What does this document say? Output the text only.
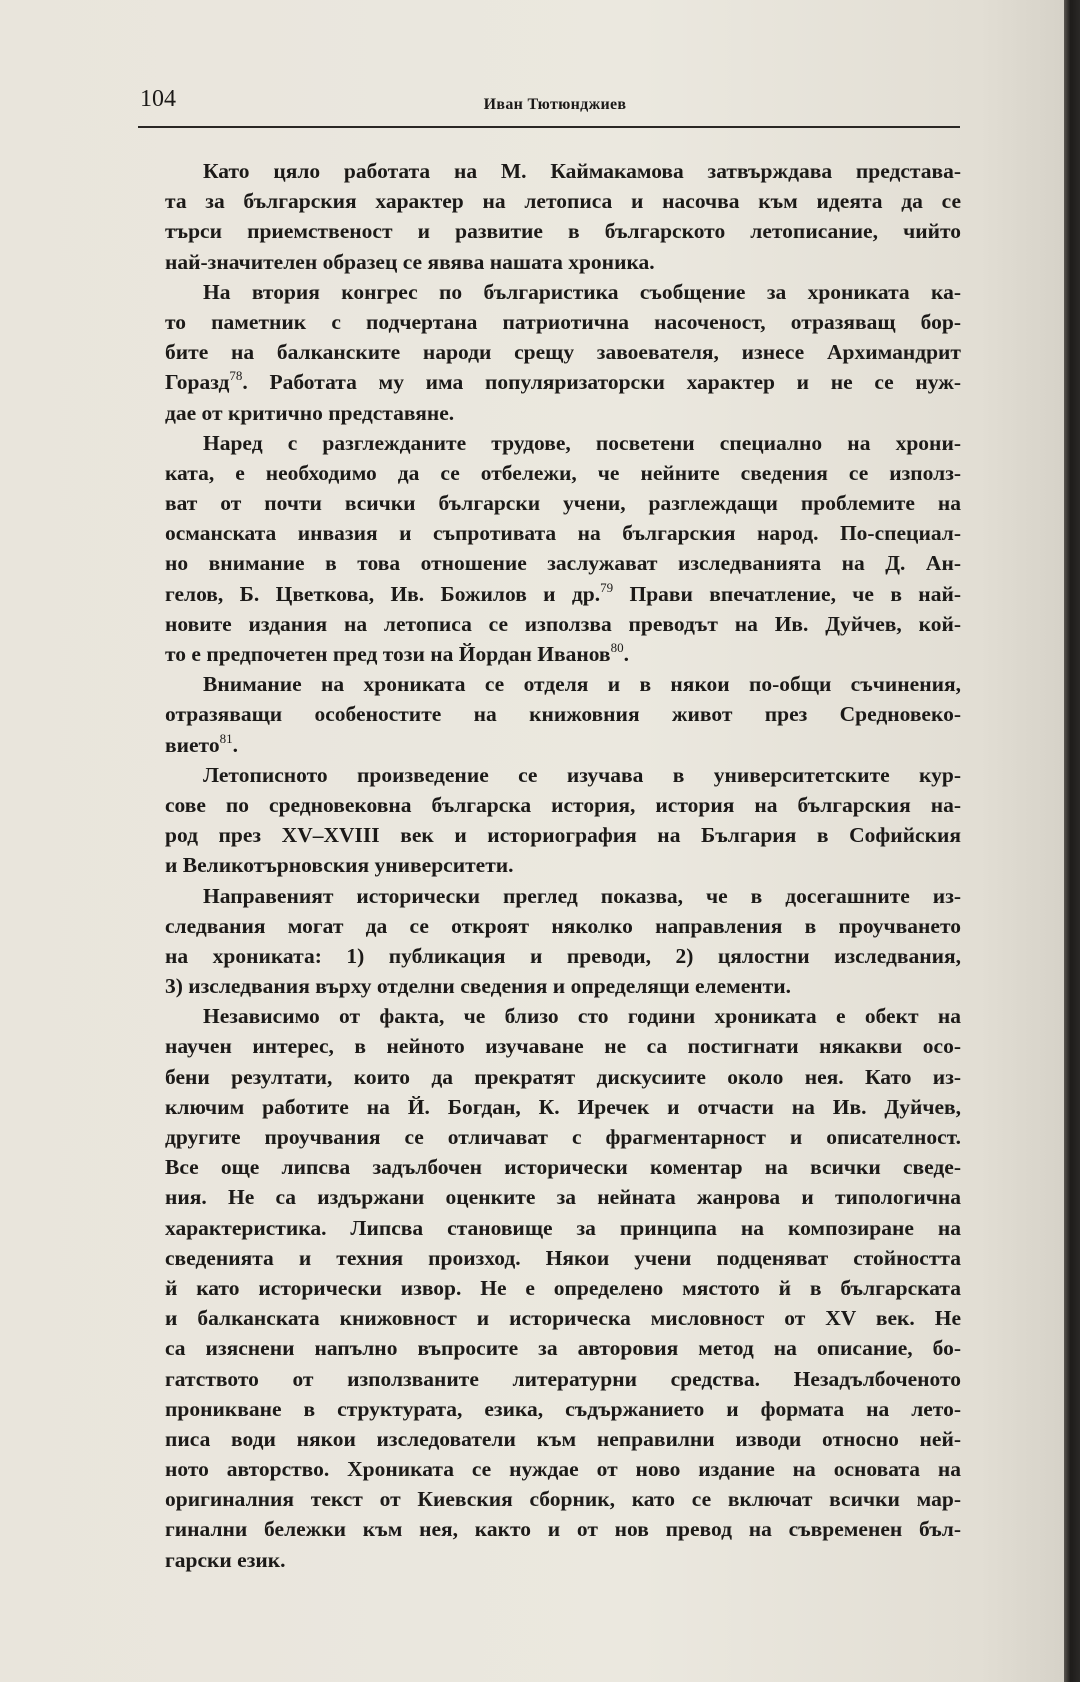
104	Иван Тютюнджиев
Като цяло работата на М. Каймакамова затвърждава представа-
та за българския характер на летописа и насочва към идеята да се
търси приемственост и развитие в българското летописание, чийто
най-значителен образец се явява нашата хроника.
На втория конгрес по българистика съобщение за хрониката ка-
то паметник с подчертана патриотична насоченост, отразяващ бор-
бите на балканските народи срещу завоевателя, изнесе Архимандрит
Горазд$^{78}$. Работата му има популяризаторски характер и не се нуж-
дае от критично представяне.
Наред с разглежданите трудове, посветени специално на хрони-
ката, е необходимо да се отбележи, че нейните сведения се използ-
ват от почти всички български учени, разглеждащи проблемите на
османската инвазия и съпротивата на българския народ. По-специал-
но внимание в това отношение заслужават изследванията на Д. Ан-
гелов, Б. Цветкова, Ив. Божилов и др.$^{79}$ Прави впечатление, че в най-
новите издания на летописа се използва преводът на Ив. Дуйчев, кой-
то е предпочетен пред този на Йордан Иванов$^{80}$.
Внимание на хрониката се отделя и в някои по-общи съчинения,
отразяващи особеностите на книжовния живот през Средновеко-
вието$^{81}$.
Летописното произведение се изучава в университетските кур-
сове по средновековна българска история, история на българския на-
род през XV–XVIII век и историография на България в Софийския
и Великотърновския университети.
Направеният исторически преглед показва, че в досегашните из-
следвания могат да се откроят няколко направления в проучването
на хрониката: 1) публикация и преводи, 2) цялостни изследвания,
3) изследвания върху отделни сведения и определящи елементи.
Независимо от факта, че близо сто години хрониката е обект на
научен интерес, в нейното изучаване не са постигнати някакви осо-
бени резултати, които да прекратят дискусиите около нея. Като из-
ключим работите на Й. Богдан, К. Иречек и отчасти на Ив. Дуйчев,
другите проучвания се отличават с фрагментарност и описателност.
Все още липсва задълбочен исторически коментар на всички сведе-
ния. Не са издържани оценките за нейната жанрова и типологична
характеристика. Липсва становище за принципа на композиране на
сведенията и техния произход. Някои учени подценяват стойността
й като исторически извор. Не е определено мястото й в българската
и балканската книжовност и историческа мисловност от XV век. Не
са изяснени напълно въпросите за авторовия метод на описание, бо-
гатството от използваните литературни средства. Незадълбоченото
проникване в структурата, езика, съдържанието и формата на лето-
писа води някои изследователи към неправилни изводи относно ней-
ното авторство. Хрониката се нуждае от ново издание на основата на
оригиналния текст от Киевския сборник, като се включат всички мар-
гинални бележки към нея, както и от нов превод на съвременен бъл-
гарски език.
